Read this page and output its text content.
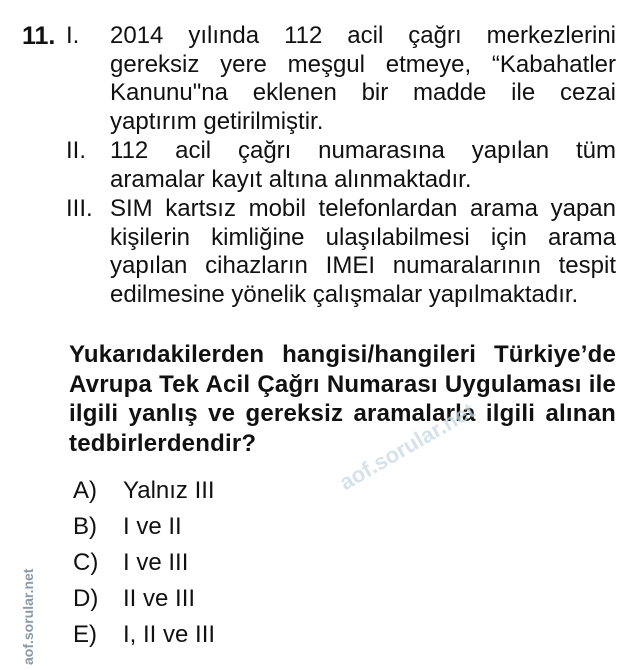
11. I. 2014 yılında 112 acil çağrı merkezlerini gereksiz yere meşgul etmeye, “Kabahatler Kanunu"na eklenen bir madde ile cezai yaptırım getirilmiştir.
II. 112 acil çağrı numarasına yapılan tüm aramalar kayıt altına alınmaktadır.
III. SIM kartsız mobil telefonlardan arama yapan kişilerin kimliğine ulaşılabilmesi için arama yapılan cihazların IMEI numaralarının tespit edilmesine yönelik çalışmalar yapılmaktadır.
Yukarıdakilerden hangisi/hangileri Türkiye’de Avrupa Tek Acil Çağrı Numarası Uygulaması ile ilgili yanlış ve gereksiz aramalarla ilgili alınan tedbirlerdendir?
A)	Yalnız III
B)	I ve II
C)	I ve III
D)	II ve III
E)	I, II ve III
aof.sorular.net
aof.sorular.net
